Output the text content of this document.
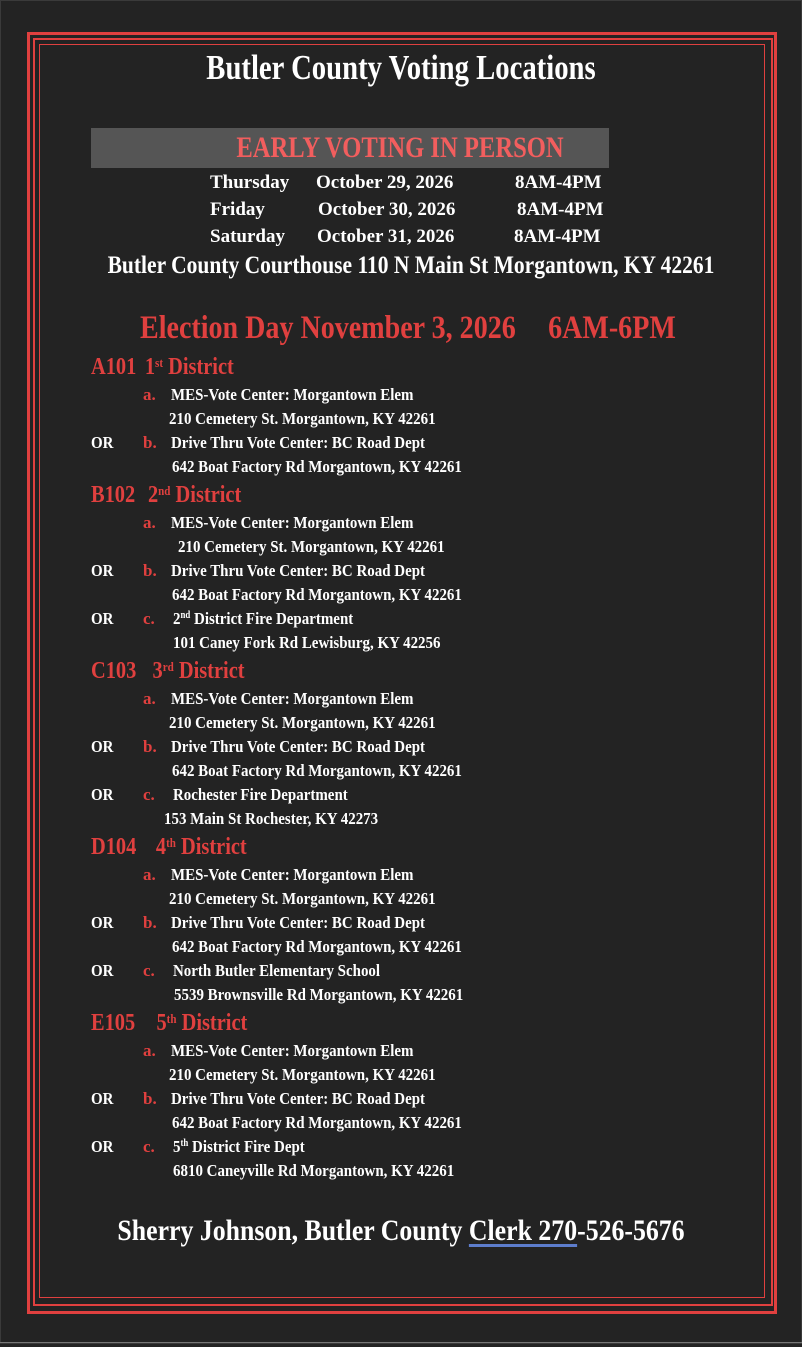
Butler County Voting Locations
EARLY VOTING IN PERSON
Thursday October 29, 2026	8AM-4PM
Friday	October 30, 2026	8AM-4PM
Saturday October 31, 2026	8AM-4PM
Butler County Courthouse 110 N Main St Morgantown, KY 42261
Election Day November 3, 2026 6AM-6PM
A101 1st District
a. MES-Vote Center: Morgantown Elem
210 Cemetery St. Morgantown, KY 42261
OR b. Drive Thru Vote Center: BC Road Dept
642 Boat Factory Rd Morgantown, KY 42261
B102 2nd District
a. MES-Vote Center: Morgantown Elem
210 Cemetery St. Morgantown, KY 42261
OR b. Drive Thru Vote Center: BC Road Dept
642 Boat Factory Rd Morgantown, KY 42261
OR c. 2nd District Fire Department
101 Caney Fork Rd Lewisburg, KY 42256
C103 3rd District
a. MES-Vote Center: Morgantown Elem
210 Cemetery St. Morgantown, KY 42261
OR b. Drive Thru Vote Center: BC Road Dept
642 Boat Factory Rd Morgantown, KY 42261
OR c. Rochester Fire Department
153 Main St Rochester, KY 42273
D104 4th District
a. MES-Vote Center: Morgantown Elem
210 Cemetery St. Morgantown, KY 42261
OR b. Drive Thru Vote Center: BC Road Dept
642 Boat Factory Rd Morgantown, KY 42261
OR c. North Butler Elementary School
5539 Brownsville Rd Morgantown, KY 42261
E105 5th District
a. MES-Vote Center: Morgantown Elem
210 Cemetery St. Morgantown, KY 42261
OR b. Drive Thru Vote Center: BC Road Dept
642 Boat Factory Rd Morgantown, KY 42261
OR c. 5th District Fire Dept
6810 Caneyville Rd Morgantown, KY 42261
Sherry Johnson, Butler County Clerk 270-526-5676
